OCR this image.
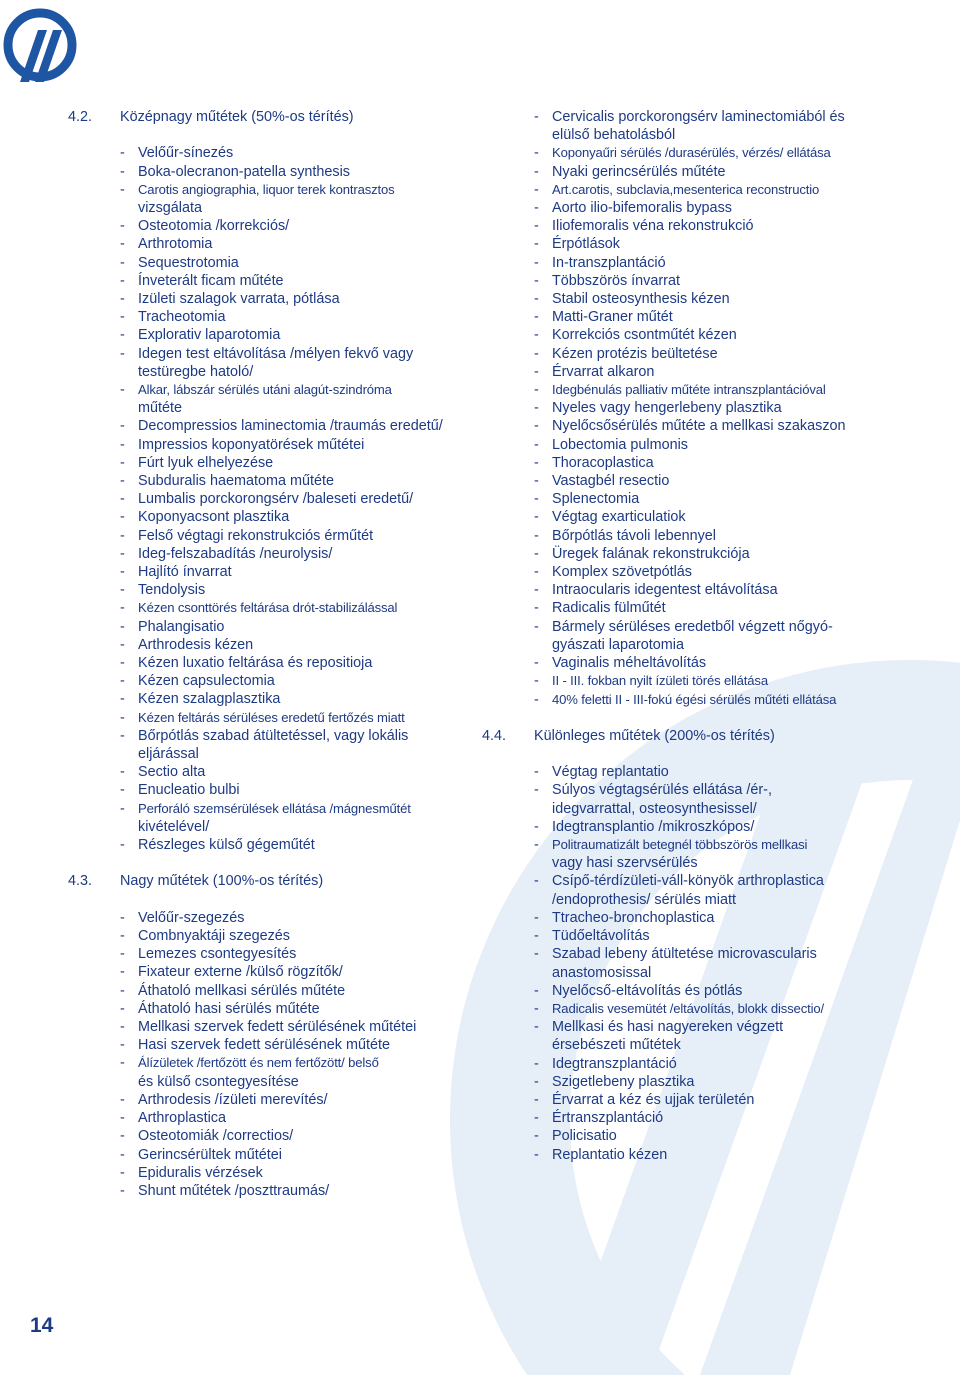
4.2. Középnagy műtétek (50%-os térítés)
- Velőűr-sínezés
- Boka-olecranon-patella synthesis
- Carotis angiographia, liquor terek kontrasztos
vizsgálata
- Osteotomia /korrekciós/
- Arthrotomia
- Sequestrotomia
- Ínveterált ficam műtéte
- Izületi szalagok varrata, pótlása
- Tracheotomia
- Explorativ laparotomia
- Idegen test eltávolítása /mélyen fekvő vagy
testüregbe hatoló/
- Alkar, lábszár sérülés utáni alagút-szindróma
műtéte
- Decompressios laminectomia /traumás eredetű/
- Impressios koponyatörések műtétei
- Fúrt lyuk elhelyezése
- Subduralis haematoma műtéte
- Lumbalis porckorongsérv /baleseti eredetű/
- Koponyacsont plasztika
- Felső végtagi rekonstrukciós érműtét
- Ideg-felszabadítás /neurolysis/
- Hajlító ínvarrat
- Tendolysis
- Kézen csonttörés feltárása drót-stabilizálással
- Phalangisatio
- Arthrodesis kézen
- Kézen luxatio feltárása és repositioja
- Kézen capsulectomia
- Kézen szalagplasztika
- Kézen feltárás sérüléses eredetű fertőzés miatt
- Bőrpótlás szabad átültetéssel, vagy lokális
eljárással
- Sectio alta
- Enucleatio bulbi
- Perforáló szemsérülések ellátása /mágnesműtét
kivételével/
- Részleges külső gégeműtét
4.3. Nagy műtétek (100%-os térítés)
- Velőűr-szegezés
- Combnyaktáji szegezés
- Lemezes csontegyesítés
- Fixateur externe /külső rögzítők/
- Áthatoló mellkasi sérülés műtéte
- Áthatoló hasi sérülés műtéte
- Mellkasi szervek fedett sérülésének műtétei
- Hasi szervek fedett sérülésének műtéte
- Álízületek /fertőzött és nem fertőzött/ belső
és külső csontegyesítése
- Arthrodesis /ízületi merevítés/
- Arthroplastica
- Osteotomiák /correctios/
- Gerincsérültek műtétei
- Epiduralis vérzések
- Shunt műtétek /poszttraumás/
- Cervicalis porckorongsérv laminectomiából és
elülső behatolásból
- Koponyaűri sérülés /durasérülés, vérzés/ ellátása
- Nyaki gerincsérülés műtéte
- Art.carotis, subclavia,mesenterica reconstructio
- Aorto ilio-bifemoralis bypass
- Iliofemoralis véna rekonstrukció
- Érpótlások
- In-transzplantáció
- Többszörös ínvarrat
- Stabil osteosynthesis kézen
- Matti-Graner műtét
- Korrekciós csontműtét kézen
- Kézen protézis beültetése
- Érvarrat alkaron
- Idegbénulás palliativ műtéte intranszplantációval
- Nyeles vagy hengerlebeny plasztika
- Nyelőcsősérülés műtéte a mellkasi szakaszon
- Lobectomia pulmonis
- Thoracoplastica
- Vastagbél resectio
- Splenectomia
- Végtag exarticulatiok
- Bőrpótlás távoli lebennyel
- Üregek falának rekonstrukciója
- Komplex szövetpótlás
- Intraocularis idegentest eltávolítása
- Radicalis fülműtét
- Bármely sérüléses eredetből végzett nőgyó-
gyászati laparotomia
- Vaginalis méheltávolítás
- II - III. fokban nyilt ízületi törés ellátása
- 40% feletti II - III-fokú égési sérülés műtéti ellátása
4.4. Különleges műtétek (200%-os térítés)
- Végtag replantatio
- Súlyos végtagsérülés ellátása /ér-,
idegvarrattal, osteosynthesissel/
- Idegtransplantio /mikroszkópos/
- Politraumatizált betegnél többszörös mellkasi
vagy hasi szervsérülés
- Csípő-térdízületi-váll-könyök arthroplastica
/endoprothesis/ sérülés miatt
- Ttracheo-bronchoplastica
- Tüdőeltávolítás
- Szabad lebeny átültetése microvascularis
anastomosissal
- Nyelőcső-eltávolítás és pótlás
- Radicalis vesemütét /eltávolítás, blokk dissectio/
- Mellkasi és hasi nagyereken végzett
érsebészeti műtétek
- Idegtranszplantáció
- Szigetlebeny plasztika
- Érvarrat a kéz és ujjak területén
- Értranszplantáció
- Policisatio
- Replantatio kézen
14
